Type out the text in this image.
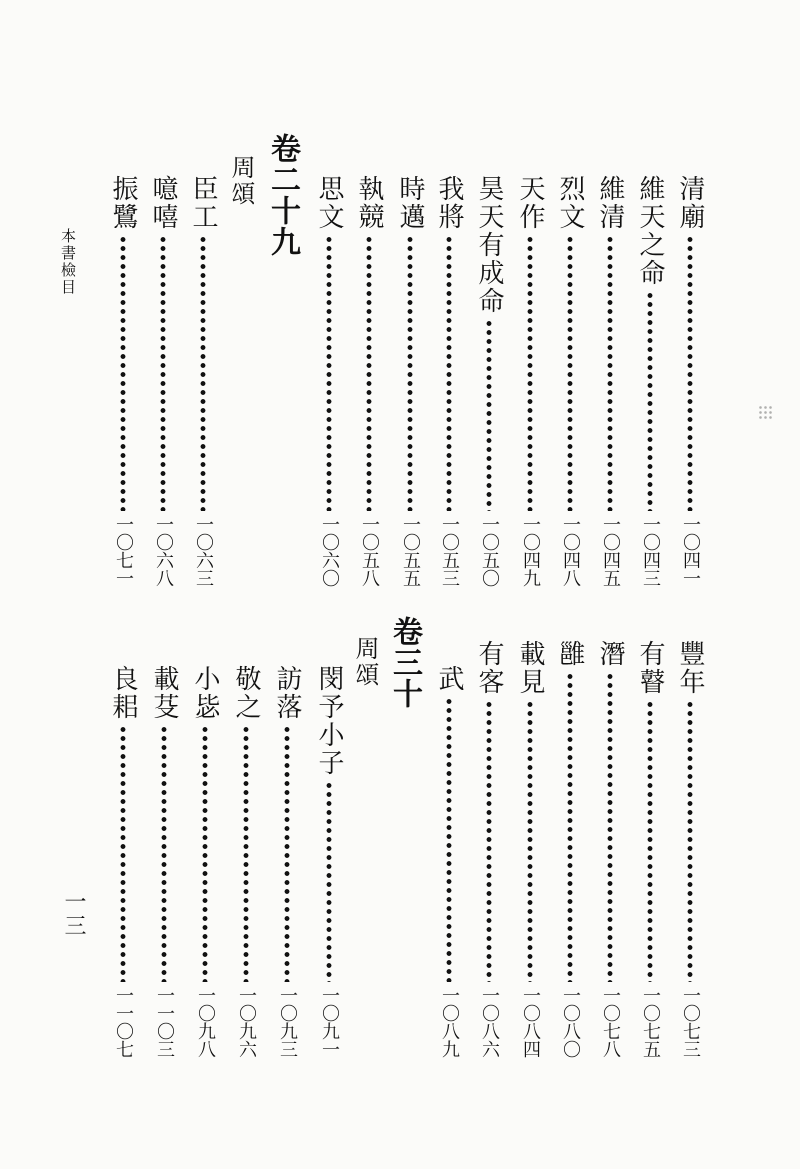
本書檢目
一三
清廟
一〇四一
維天之命
一〇四三
維清
一〇四五
烈文
一〇四八
天作
一〇四九
昊天有成命
一〇五〇
我將
一〇五三
時邁
一〇五五
執競
一〇五八
思文
一〇六〇
卷二十九
周頌
臣工
一〇六三
噫嘻
一〇六八
振鷺
一〇七一
卷三十
周頌	豐年
一〇七三
有瞽
一〇七五
潛
一〇七八
雝
一〇八〇
載見
一〇八四
有客
一〇八六
武
一〇八九
閔予小子
一〇九一
訪落
一〇九三
敬之
一〇九六
小毖
一〇九八
載芟
一一〇三
良耜
一一〇七
